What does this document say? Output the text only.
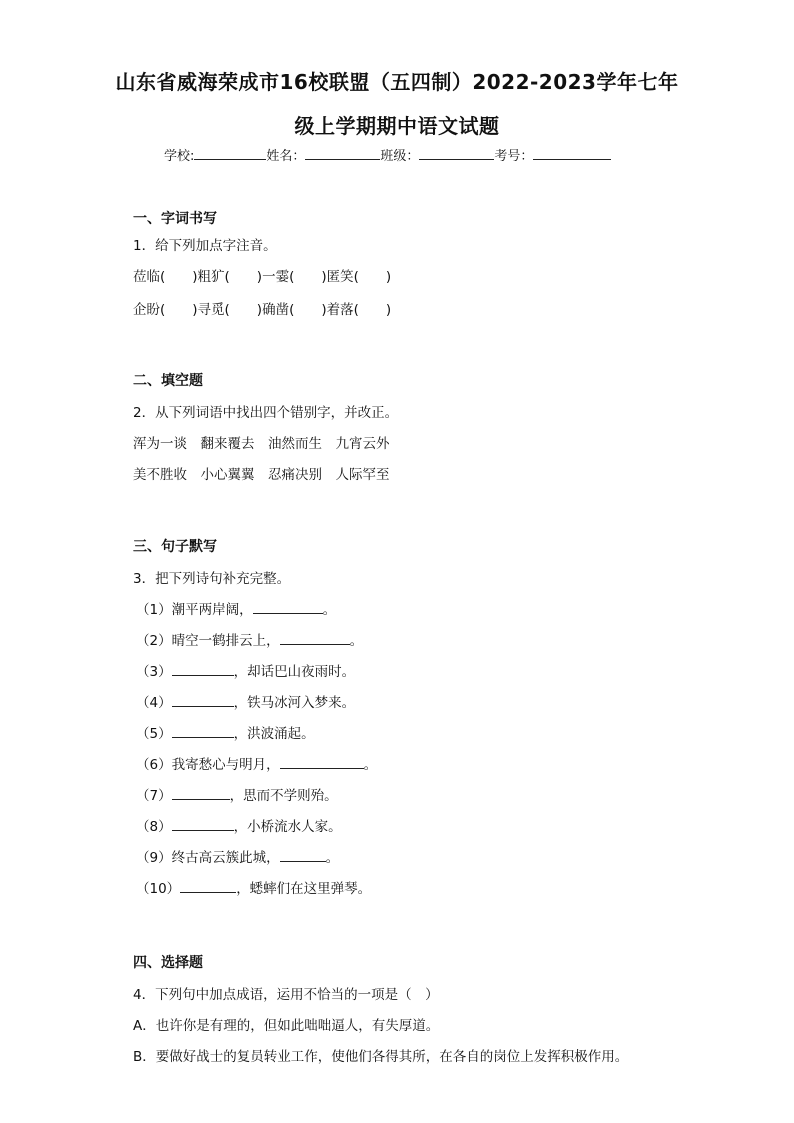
山东省威海荣成市16校联盟（五四制）2022-2023学年七年
级上学期期中语文试题
学校:	姓名：	班级：	考号：
一、字词书写
1．给下列加点字注音。
莅临(　　)粗犷(　　)一霎(　　)匿笑(　　)
企盼(　　)寻觅(　　)确凿(　　)着落(　　)
二、填空题
2．从下列词语中找出四个错别字，并改正。
浑为一谈　翻来覆去　油然而生　九宵云外
美不胜收　小心翼翼　忍痛决别　人际罕至
三、句子默写
3．把下列诗句补充完整。
（1）潮平两岸阔，	。
（2）晴空一鹤排云上，	。
（3）	，却话巴山夜雨时。
（4）	，铁马冰河入梦来。
（5）	，洪波涌起。
（6）我寄愁心与明月，	。
（7）	，思而不学则殆。
（8）	，小桥流水人家。
（9）终古高云簇此城，	。
（10）	，蟋蟀们在这里弹琴。
四、选择题
4．下列句中加点成语，运用不恰当的一项是（　）
A．也许你是有理的，但如此咄咄逼人，有失厚道。
B．要做好战士的复员转业工作，使他们各得其所，在各自的岗位上发挥积极作用。
